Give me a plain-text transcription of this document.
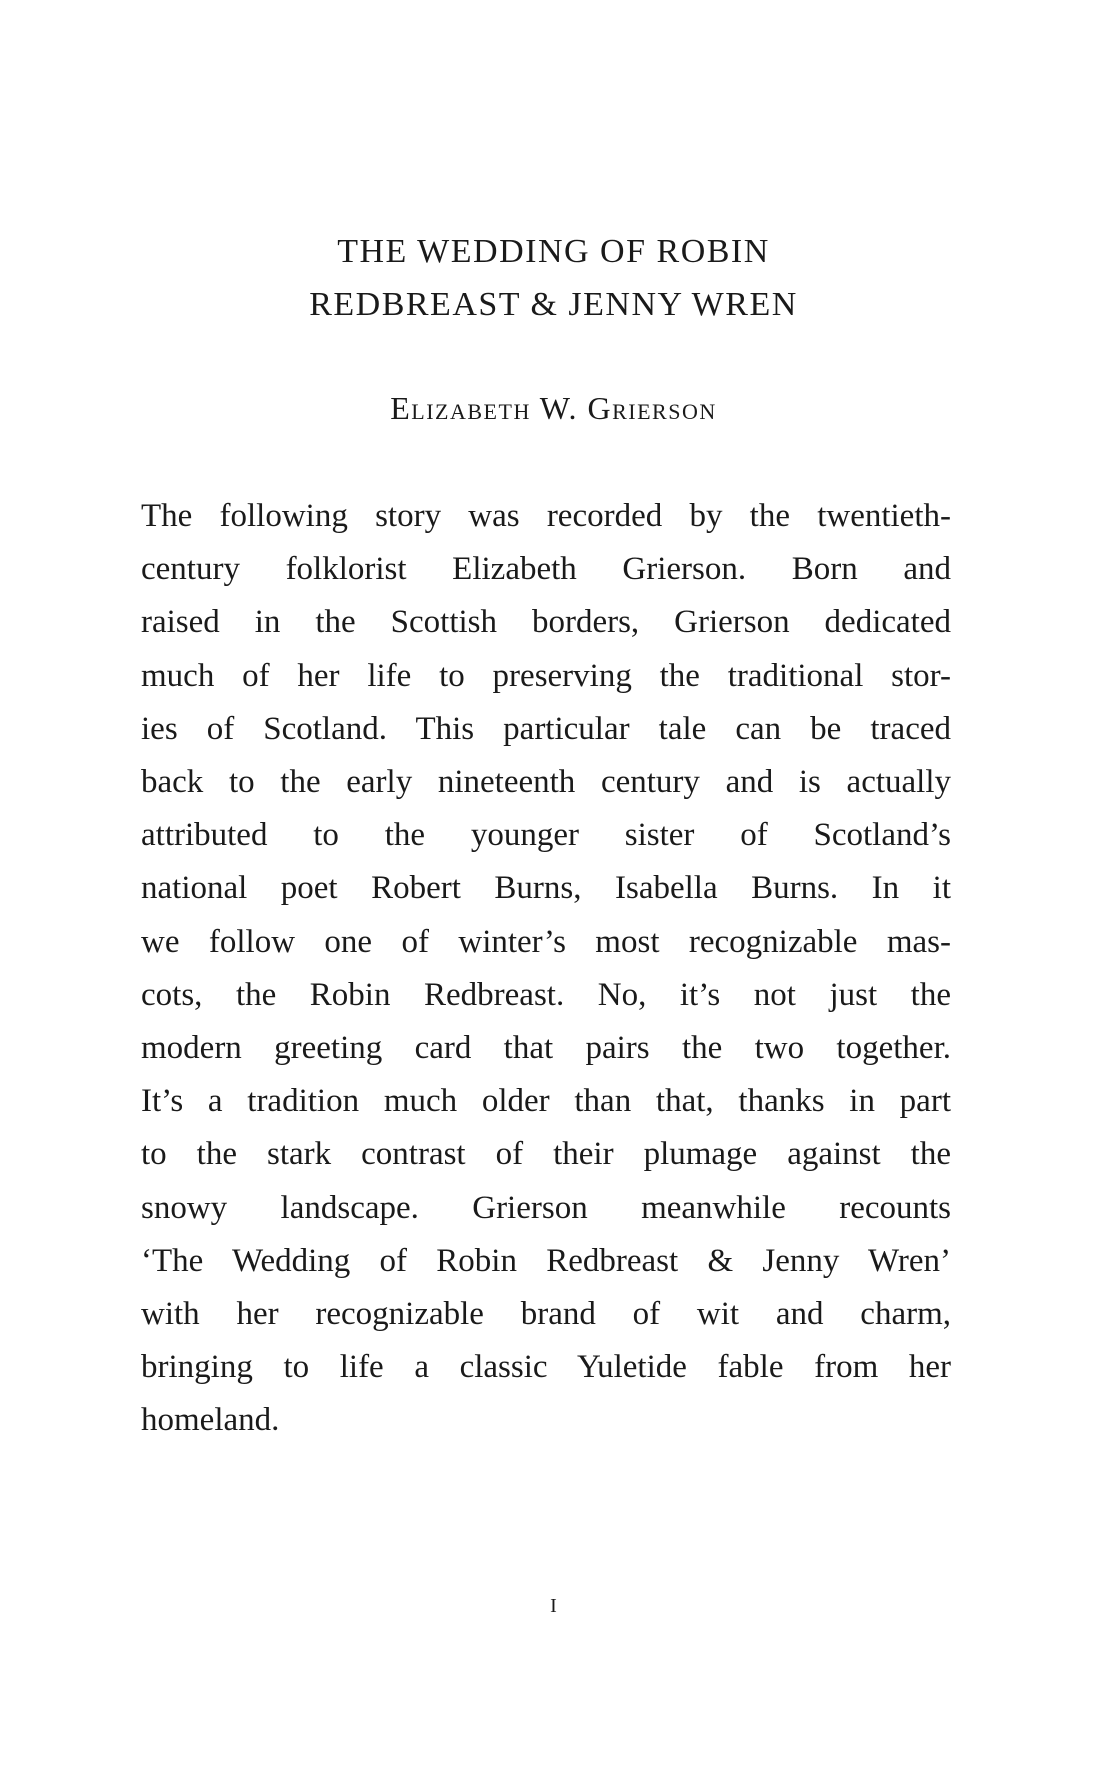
THE WEDDING OF ROBIN
REDBREAST & JENNY WREN
Elizabeth W. Grierson

The following story was recorded by the twentieth-
century folklorist Elizabeth Grierson. Born and
raised in the Scottish borders, Grierson dedicated
much of her life to preserving the traditional stor-
ies of Scotland. This particular tale can be traced
back to the early nineteenth century and is actually
attributed to the younger sister of Scotland’s
national poet Robert Burns, Isabella Burns. In it
we follow one of winter’s most recognizable mas-
cots, the Robin Redbreast. No, it’s not just the
modern greeting card that pairs the two together.
It’s a tradition much older than that, thanks in part
to the stark contrast of their plumage against the
snowy landscape. Grierson meanwhile recounts
‘The Wedding of Robin Redbreast & Jenny Wren’
with her recognizable brand of wit and charm,
bringing to life a classic Yuletide fable from her
homeland.

i
